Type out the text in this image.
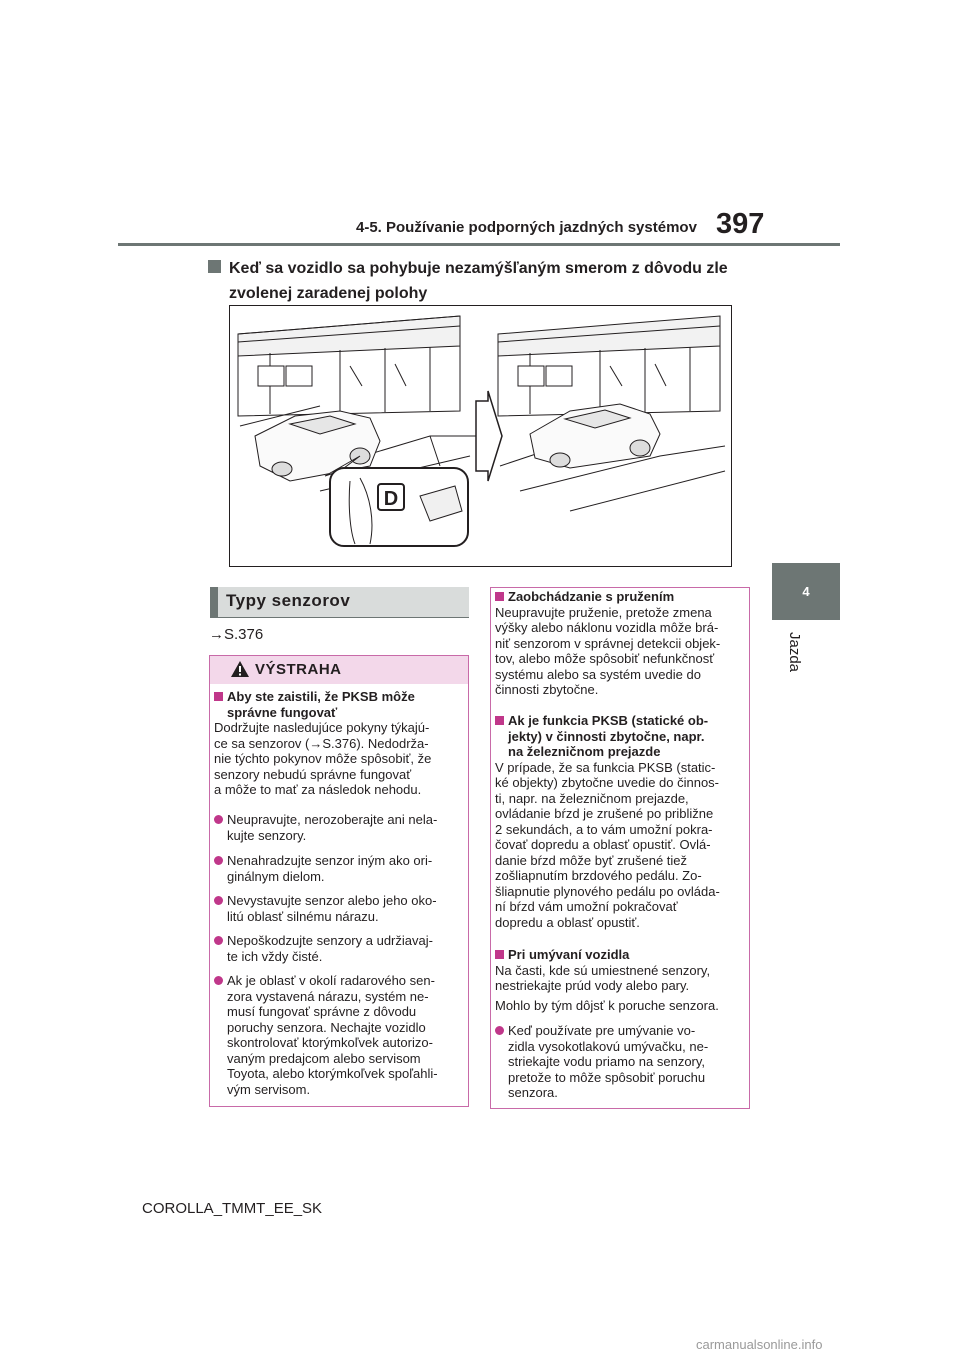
4-5. Používanie podporných jazdných systémov 397
4
Jazda
Keď sa vozidlo sa pohybuje nezamýšľaným smerom z dôvodu zle
zvolenej zaradenej polohy
D
Typy senzorov
→S.376
VÝSTRAHA
Aby ste zaistili, že PKSB môže
správne fungovať
Dodržujte nasledujúce pokyny týkajú-
ce sa senzorov (→S.376). Nedodrža-
nie týchto pokynov môže spôsobiť, že
senzory nebudú správne fungovať
a môže to mať za následok nehodu.
Neupravujte, nerozoberajte ani nela-
kujte senzory.
Nenahradzujte senzor iným ako ori-
ginálnym dielom.
Nevystavujte senzor alebo jeho oko-
litú oblasť silnému nárazu.
Nepoškodzujte senzory a udržiavaj-
te ich vždy čisté.
Ak je oblasť v okolí radarového sen-
zora vystavená nárazu, systém ne-
musí fungovať správne z dôvodu
poruchy senzora. Nechajte vozidlo
skontrolovať ktorýmkoľvek autorizo-
vaným predajcom alebo servisom
Toyota, alebo ktorýmkoľvek spoľahli-
vým servisom.
Zaobchádzanie s pružením
Neupravujte pruženie, pretože zmena
výšky alebo náklonu vozidla môže brá-
niť senzorom v správnej detekcii objek-
tov, alebo môže spôsobiť nefunkčnosť
systému alebo sa systém uvedie do
činnosti zbytočne.
Ak je funkcia PKSB (statické ob-
jekty) v činnosti zbytočne, napr.
na železničnom prejazde
V prípade, že sa funkcia PKSB (static-
ké objekty) zbytočne uvedie do činnos-
ti, napr. na železničnom prejazde,
ovládanie bŕzd je zrušené po približne
2 sekundách, a to vám umožní pokra-
čovať dopredu a oblasť opustiť. Ovlá-
danie bŕzd môže byť zrušené tiež
zošliapnutím brzdového pedálu. Zo-
šliapnutie plynového pedálu po ovláda-
ní bŕzd vám umožní pokračovať
dopredu a oblasť opustiť.
Pri umývaní vozidla
Na časti, kde sú umiestnené senzory,
nestriekajte prúd vody alebo pary.
Mohlo by tým dôjsť k poruche senzora.
Keď používate pre umývanie vo-
zidla vysokotlakovú umývačku, ne-
striekajte vodu priamo na senzory,
pretože to môže spôsobiť poruchu
senzora.
COROLLA_TMMT_EE_SK
carmanualsonline.info
